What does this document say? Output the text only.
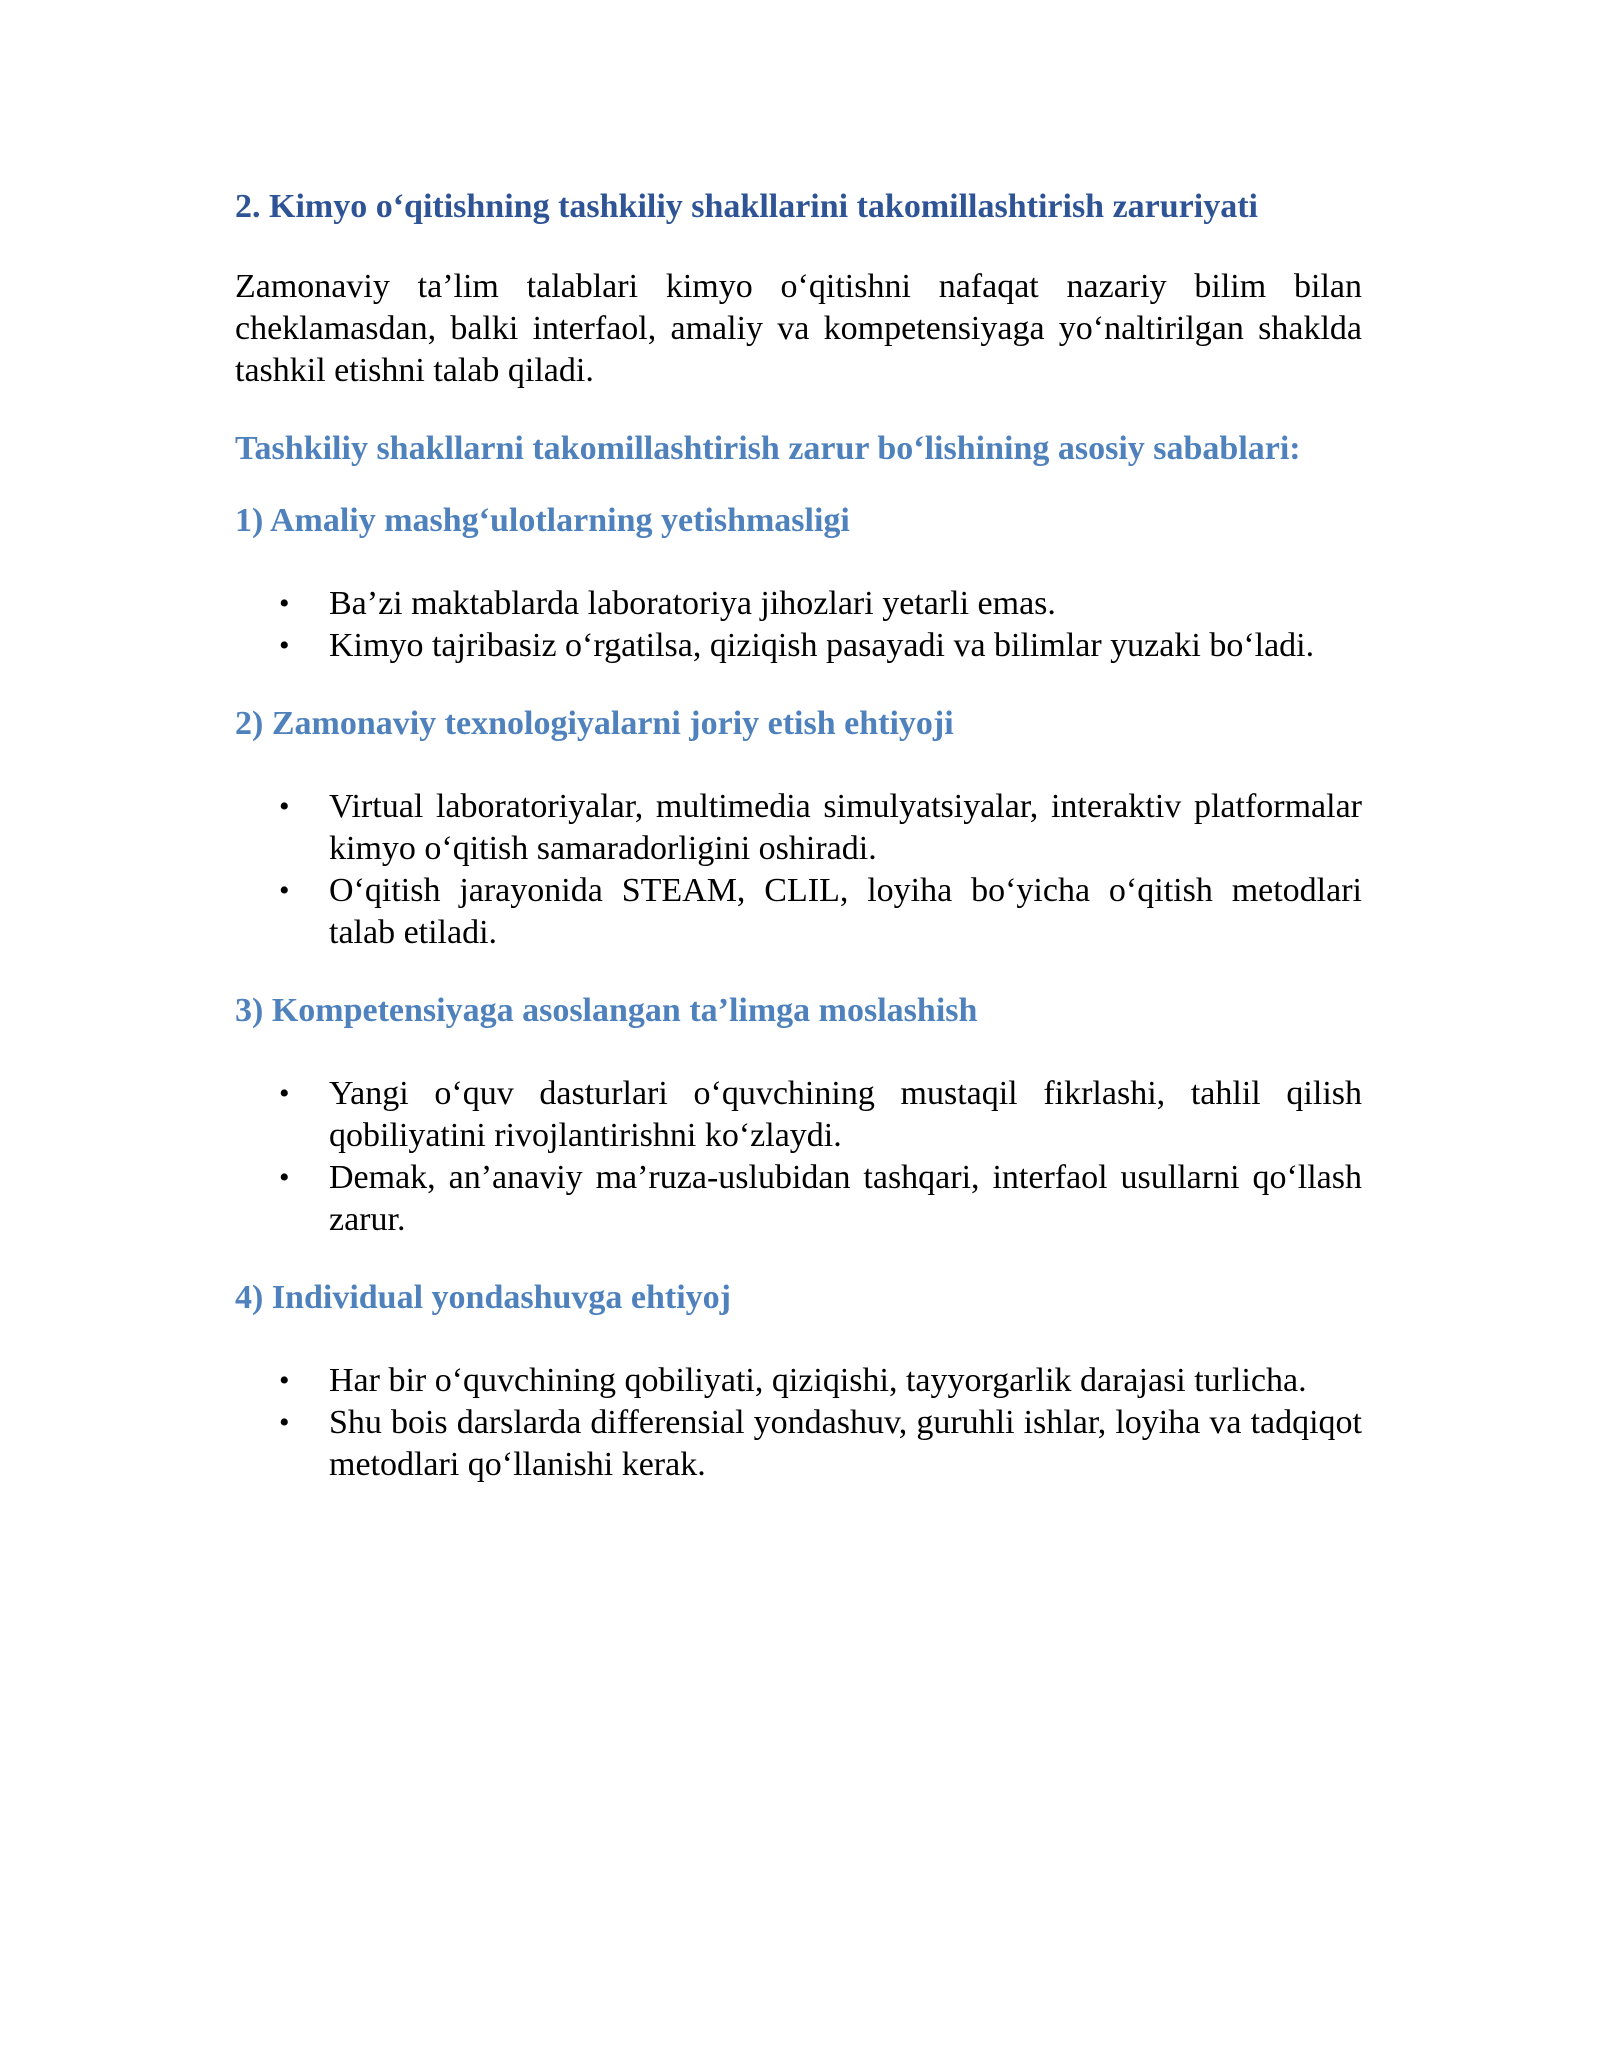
2. Kimyo o‘qitishning tashkiliy shakllarini takomillashtirish zaruriyati

Zamonaviy ta’lim talablari kimyo o‘qitishni nafaqat nazariy bilim bilan cheklamasdan, balki interfaol, amaliy va kompetensiyaga yo‘naltirilgan shaklda tashkil etishni talab qiladi.

Tashkiliy shakllarni takomillashtirish zarur bo‘lishining asosiy sabablari:
1) Amaliy mashg‘ulotlarning yetishmasligi
• Ba’zi maktablarda laboratoriya jihozlari yetarli emas.
• Kimyo tajribasiz o‘rgatilsa, qiziqish pasayadi va bilimlar yuzaki bo‘ladi.
2) Zamonaviy texnologiyalarni joriy etish ehtiyoji
• Virtual laboratoriyalar, multimedia simulyatsiyalar, interaktiv platformalar kimyo o‘qitish samaradorligini oshiradi.
• O‘qitish jarayonida STEAM, CLIL, loyiha bo‘yicha o‘qitish metodlari talab etiladi.
3) Kompetensiyaga asoslangan ta’limga moslashish
• Yangi o‘quv dasturlari o‘quvchining mustaqil fikrlashi, tahlil qilish qobiliyatini rivojlantirishni ko‘zlaydi.
• Demak, an’anaviy ma’ruza-uslubidan tashqari, interfaol usullarni qo‘llash zarur.
4) Individual yondashuvga ehtiyoj
• Har bir o‘quvchining qobiliyati, qiziqishi, tayyorgarlik darajasi turlicha.
• Shu bois darslarda differensial yondashuv, guruhli ishlar, loyiha va tadqiqot metodlari qo‘llanishi kerak.
